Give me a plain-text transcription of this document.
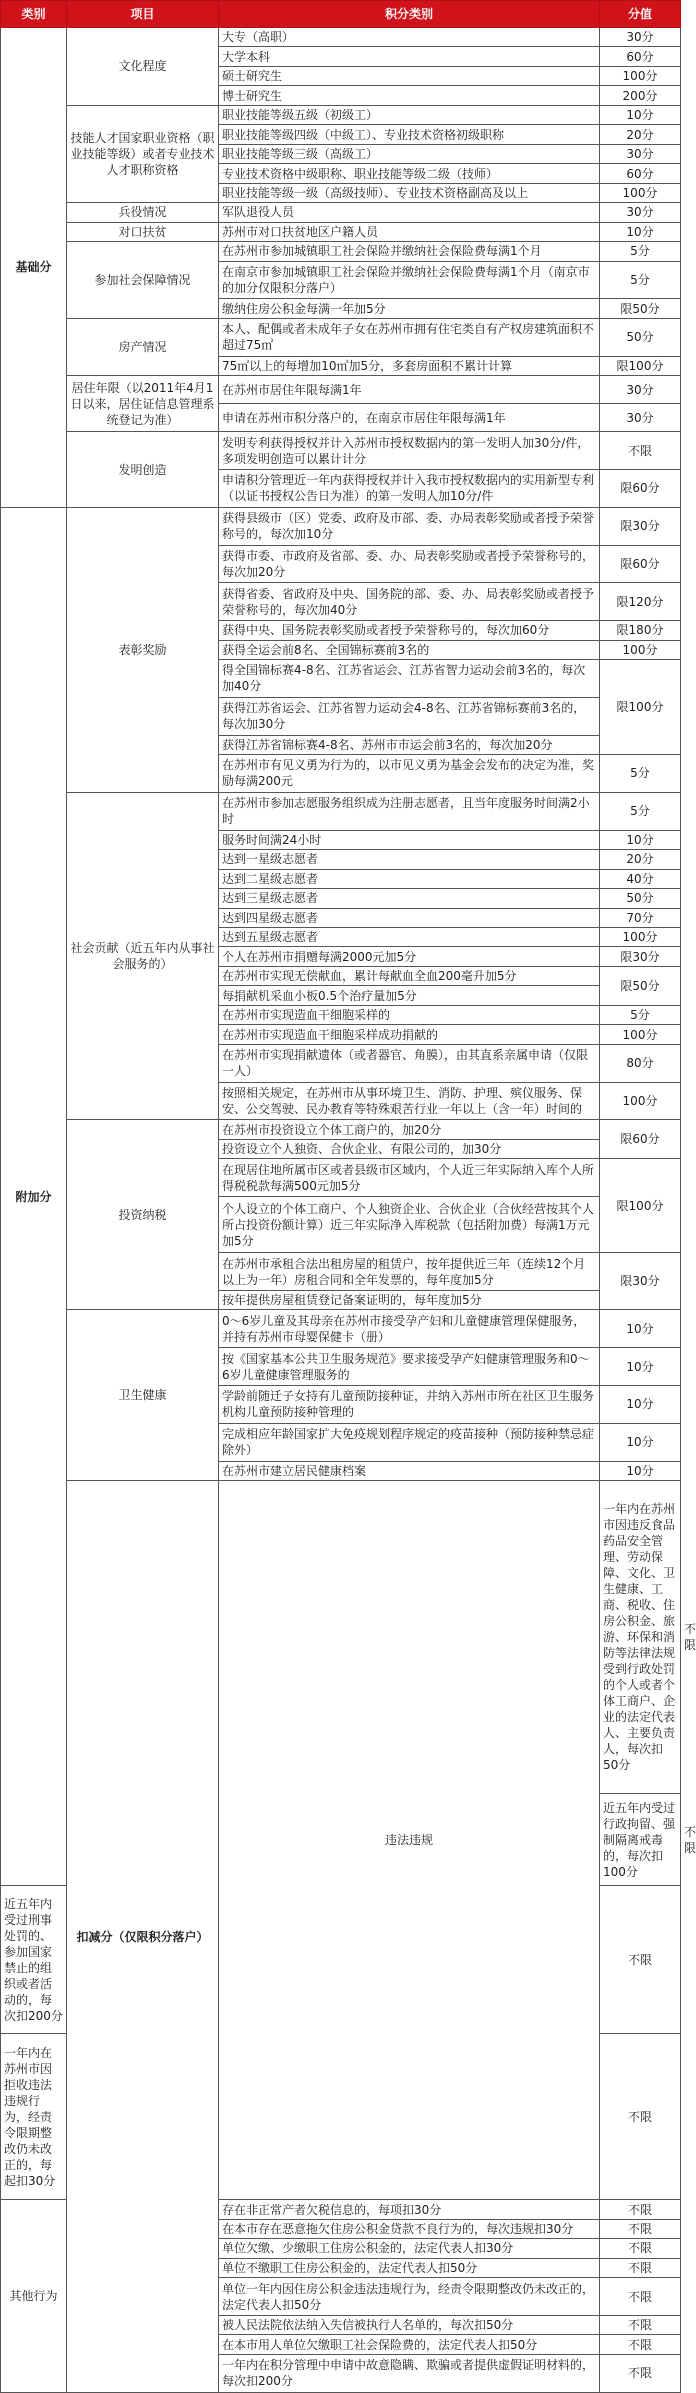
类别	项目	积分类别	分值	
基础分	文化程度	大专（高职）	30分	
		大学本科	60分	
		硕士研究生	100分	
		博士研究生	200分	
	技能人才国家职业资格（职业技能等级）或者专业技术人才职称资格	职业技能等级五级（初级工）	10分	
		职业技能等级四级（中级工）、专业技术资格初级职称	20分	
		职业技能等级三级（高级工）	30分	
		专业技术资格中级职称、职业技能等级二级（技师）	60分	
		职业技能等级一级（高级技师）、专业技术资格副高及以上	100分	
	兵役情况	军队退役人员	30分	
	对口扶贫	苏州市对口扶贫地区户籍人员	10分	
	参加社会保障情况	在苏州市参加城镇职工社会保险并缴纳社会保险费每满1个月	5分	
		在南京市参加城镇职工社会保险并缴纳社会保险费每满1个月（南京市的加分仅限积分落户）	5分	
		缴纳住房公积金每满一年加5分	限50分	
	房产情况	本人、配偶或者未成年子女在苏州市拥有住宅类自有产权房建筑面积不超过75㎡	50分	
		75㎡以上的每增加10㎡加5分，多套房面积不累计计算	限100分	
	居住年限（以2011年4月1日以来，居住证信息管理系统登记为准）	在苏州市居住年限每满1年	30分	
		申请在苏州市积分落户的，在南京市居住年限每满1年	30分	
	发明创造	发明专利获得授权并计入苏州市授权数据内的第一发明人加30分/件，多项发明创造可以累计计分	不限	
		申请积分管理近一年内获得授权并计入我市授权数据内的实用新型专利（以证书授权公告日为准）的第一发明人加10分/件	限60分	
附加分	表彰奖励	获得县级市（区）党委、政府及市部、委、办局表彰奖励或者授予荣誉称号的，每次加10分	限30分	
		获得市委、市政府及省部、委、办、局表彰奖励或者授予荣誉称号的，每次加20分	限60分	
		获得省委、省政府及中央、国务院的部、委、办、局表彰奖励或者授予荣誉称号的，每次加40分	限120分	
		获得中央、国务院表彰奖励或者授予荣誉称号的，每次加60分	限180分	
		获得全运会前8名、全国锦标赛前3名的	100分	
		得全国锦标赛4-8名、江苏省运会、江苏省智力运动会前3名的，每次加40分	限100分	
		获得江苏省运会、江苏省智力运动会4-8名、江苏省锦标赛前3名的，每次加30分		
		获得江苏省锦标赛4-8名、苏州市市运会前3名的，每次加20分		
		在苏州市有见义勇为行为的，以市见义勇为基金会发布的决定为准，奖励每满200元	5分	
	社会贡献（近五年内从事社会服务的）	在苏州市参加志愿服务组织成为注册志愿者，且当年度服务时间满2小时	5分	
		服务时间满24小时	10分	
		达到一星级志愿者	20分	
		达到二星级志愿者	40分	
		达到三星级志愿者	50分	
		达到四星级志愿者	70分	
		达到五星级志愿者	100分	
		个人在苏州市捐赠每满2000元加5分	限30分	
		在苏州市实现无偿献血，累计每献血全血200毫升加5分	限50分	
		每捐献机采血小板0.5个治疗量加5分		
		在苏州市实现造血干细胞采样的	5分	
		在苏州市实现造血干细胞采样成功捐献的	100分	
		在苏州市实现捐献遗体（或者器官、角膜），由其直系亲属申请（仅限一人）	80分	
		按照相关规定，在苏州市从事环境卫生、消防、护理、殡仪服务、保安、公交驾驶、民办教育等特殊艰苦行业一年以上（含一年）时间的	100分	
	投资纳税	在苏州市投资设立个体工商户的，加20分	限60分	
		投资设立个人独资、合伙企业、有限公司的，加30分		
		在现居住地所属市区或者县级市区域内，个人近三年实际纳入库个人所得税税款每满500元加5分	限100分	
		个人设立的个体工商户、个人独资企业、合伙企业（合伙经营按其个人所占投资份额计算）近三年实际净入库税款（包括附加费）每满1万元加5分		
		在苏州市承租合法出租房屋的租赁户，按年提供近三年（连续12个月以上为一年）房租合同和全年发票的，每年度加5分	限30分	
		按年提供房屋租赁登记备案证明的，每年度加5分		
	卫生健康	0～6岁儿童及其母亲在苏州市接受孕产妇和儿童健康管理保健服务，并持有苏州市母婴保健卡（册）	10分	
		按《国家基本公共卫生服务规范》要求接受孕产妇健康管理服务和0～6岁儿童健康管理服务的	10分	
		学龄前随迁子女持有儿童预防接种证，并纳入苏州市所在社区卫生服务机构儿童预防接种管理的	10分	
		完成相应年龄国家扩大免疫规划程序规定的疫苗接种（预防接种禁忌症除外）	10分	
		在苏州市建立居民健康档案	10分	
	扣减分（仅限积分落户）	违法违规	一年内在苏州市因违反食品药品安全管理、劳动保障、文化、卫生健康、工商、税收、住房公积金、旅游、环保和消防等法律法规受到行政处罚的个人或者个体工商户、企业的法定代表人、主要负责人，每次扣50分	不限
			近五年内受过行政拘留、强制隔离戒毒的，每次扣100分	不限
近五年内受过刑事处罚的、参加国家禁止的组织或者活动的，每次扣200分			不限	
一年内在苏州市因拒收违法违规行为，经责令限期整改仍未改正的，每起扣30分			不限	
其他行为		存在非正常产者欠税信息的，每项扣30分	不限	
		在本市存在恶意拖欠住房公积金贷款不良行为的，每次违规扣30分	不限	
		单位欠缴、少缴职工住房公积金的，法定代表人扣30分	不限	
		单位不缴职工住房公积金的，法定代表人扣50分	不限	
		单位一年内因住房公积金违法违规行为，经责令限期整改仍未改正的，法定代表人扣50分	不限	
		被人民法院依法纳入失信被执行人名单的，每次扣50分	不限	
		在本市用人单位欠缴职工社会保险费的，法定代表人扣50分	不限	
		一年内在积分管理中申请中故意隐瞒、欺骗或者提供虚假证明材料的，每次扣200分	不限	
